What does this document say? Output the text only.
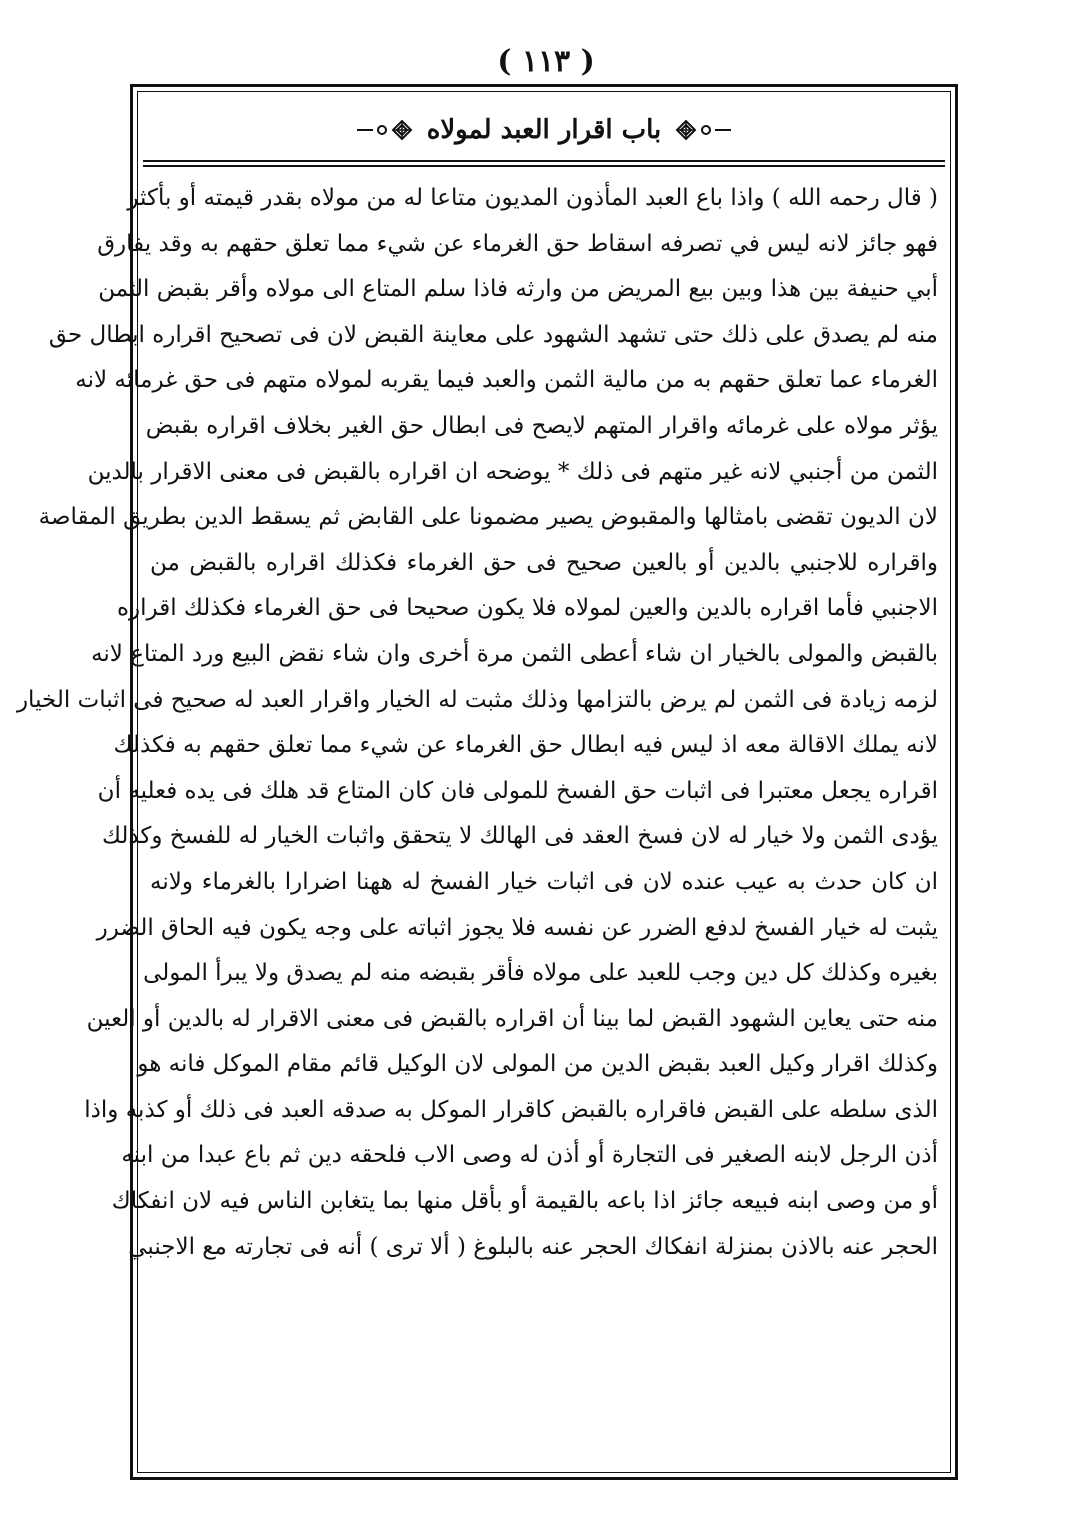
( ١١٣ )
باب اقرار العبد لمولاه
( قال رحمه الله ) واذا باع العبد المأذون المديون متاعا له من مولاه بقدر قيمته أو بأكثر
فهو جائز لانه ليس في تصرفه اسقاط حق الغرماء عن شيء مما تعلق حقهم به وقد يفارق
أبي حنيفة بين هذا وبين بيع المريض من وارثه فاذا سلم المتاع الى مولاه وأقر بقبض الثمن
منه لم يصدق على ذلك حتى تشهد الشهود على معاينة القبض لان فى تصحيح اقراره ابطال حق
الغرماء عما تعلق حقهم به من مالية الثمن والعبد فيما يقربه لمولاه متهم فى حق غرمائه لانه
يؤثر مولاه على غرمائه واقرار المتهم لايصح فى ابطال حق الغير بخلاف اقراره بقبض
الثمن من أجنبي لانه غير متهم فى ذلك * يوضحه ان اقراره بالقبض فى معنى الاقرار بالدين
لان الديون تقضى بامثالها والمقبوض يصير مضمونا على القابض ثم يسقط الدين بطريق المقاصة
واقراره للاجنبي بالدين أو بالعين صحيح فى حق الغرماء فكذلك اقراره بالقبض من
الاجنبي فأما اقراره بالدين والعين لمولاه فلا يكون صحيحا فى حق الغرماء فكذلك اقراره
بالقبض والمولى بالخيار ان شاء أعطى الثمن مرة أخرى وان شاء نقض البيع ورد المتاع لانه
لزمه زيادة فى الثمن لم يرض بالتزامها وذلك مثبت له الخيار واقرار العبد له صحيح فى اثبات الخيار
لانه يملك الاقالة معه اذ ليس فيه ابطال حق الغرماء عن شيء مما تعلق حقهم به فكذلك
اقراره يجعل معتبرا فى اثبات حق الفسخ للمولى فان كان المتاع قد هلك فى يده فعليه أن
يؤدى الثمن ولا خيار له لان فسخ العقد فى الهالك لا يتحقق واثبات الخيار له للفسخ وكذلك
ان كان حدث به عيب عنده لان فى اثبات خيار الفسخ له ههنا اضرارا بالغرماء ولانه
يثبت له خيار الفسخ لدفع الضرر عن نفسه فلا يجوز اثباته على وجه يكون فيه الحاق الضرر
بغيره وكذلك كل دين وجب للعبد على مولاه فأقر بقبضه منه لم يصدق ولا يبرأ المولى
منه حتى يعاين الشهود القبض لما بينا أن اقراره بالقبض فى معنى الاقرار له بالدين أو العين
وكذلك اقرار وكيل العبد بقبض الدين من المولى لان الوكيل قائم مقام الموكل فانه هو
الذى سلطه على القبض فاقراره بالقبض كاقرار الموكل به صدقه العبد فى ذلك أو كذبه واذا
أذن الرجل لابنه الصغير فى التجارة أو أذن له وصى الاب فلحقه دين ثم باع عبدا من ابنه
أو من وصى ابنه فبيعه جائز اذا باعه بالقيمة أو بأقل منها بما يتغابن الناس فيه لان انفكاك
الحجر عنه بالاذن بمنزلة انفكاك الحجر عنه بالبلوغ ( ألا ترى ) أنه فى تجارته مع الاجنبي
